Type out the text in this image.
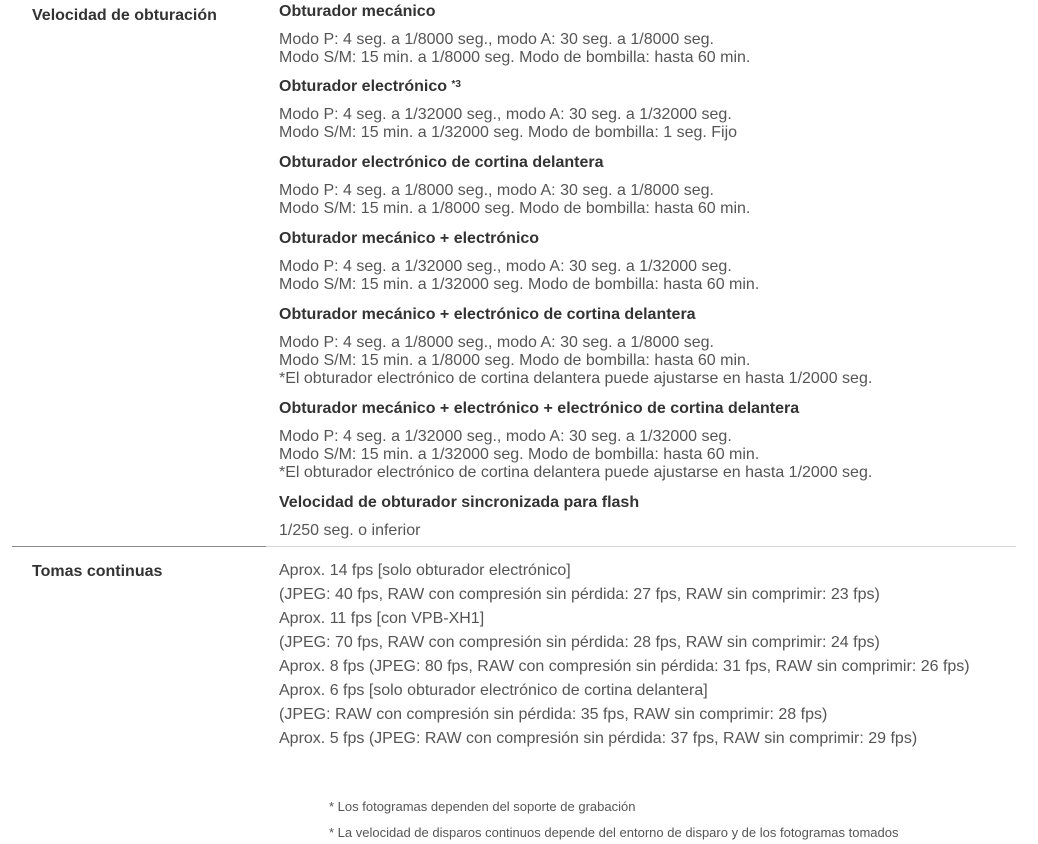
Velocidad de obturación	Obturador mecánico

Modo P: 4 seg. a 1/8000 seg., modo A: 30 seg. a 1/8000 seg.
Modo S/M: 15 min. a 1/8000 seg. Modo de bombilla: hasta 60 min.

Obturador electrónico $^{*3}$

Modo P: 4 seg. a 1/32000 seg., modo A: 30 seg. a 1/32000 seg.
Modo S/M: 15 min. a 1/32000 seg. Modo de bombilla: 1 seg. Fijo

Obturador electrónico de cortina delantera

Modo P: 4 seg. a 1/8000 seg., modo A: 30 seg. a 1/8000 seg.
Modo S/M: 15 min. a 1/8000 seg. Modo de bombilla: hasta 60 min.

Obturador mecánico + electrónico

Modo P: 4 seg. a 1/32000 seg., modo A: 30 seg. a 1/32000 seg.
Modo S/M: 15 min. a 1/32000 seg. Modo de bombilla: hasta 60 min.

Obturador mecánico + electrónico de cortina delantera

Modo P: 4 seg. a 1/8000 seg., modo A: 30 seg. a 1/8000 seg.
Modo S/M: 15 min. a 1/8000 seg. Modo de bombilla: hasta 60 min.
*El obturador electrónico de cortina delantera puede ajustarse en hasta 1/2000 seg.

Obturador mecánico + electrónico + electrónico de cortina delantera

Modo P: 4 seg. a 1/32000 seg., modo A: 30 seg. a 1/32000 seg.
Modo S/M: 15 min. a 1/32000 seg. Modo de bombilla: hasta 60 min.
*El obturador electrónico de cortina delantera puede ajustarse en hasta 1/2000 seg.

Velocidad de obturador sincronizada para flash

1/250 seg. o inferior
Tomas continuas	Aprox. 14 fps [solo obturador electrónico]

(JPEG: 40 fps, RAW con compresión sin pérdida: 27 fps, RAW sin comprimir: 23 fps)

Aprox. 11 fps [con VPB-XH1]

(JPEG: 70 fps, RAW con compresión sin pérdida: 28 fps, RAW sin comprimir: 24 fps)

Aprox. 8 fps (JPEG: 80 fps, RAW con compresión sin pérdida: 31 fps, RAW sin comprimir: 26 fps)

Aprox. 6 fps [solo obturador electrónico de cortina delantera]

(JPEG: RAW con compresión sin pérdida: 35 fps, RAW sin comprimir: 28 fps)

Aprox. 5 fps (JPEG: RAW con compresión sin pérdida: 37 fps, RAW sin comprimir: 29 fps)

* Los fotogramas dependen del soporte de grabación
* La velocidad de disparos continuos depende del entorno de disparo y de los fotogramas tomados
